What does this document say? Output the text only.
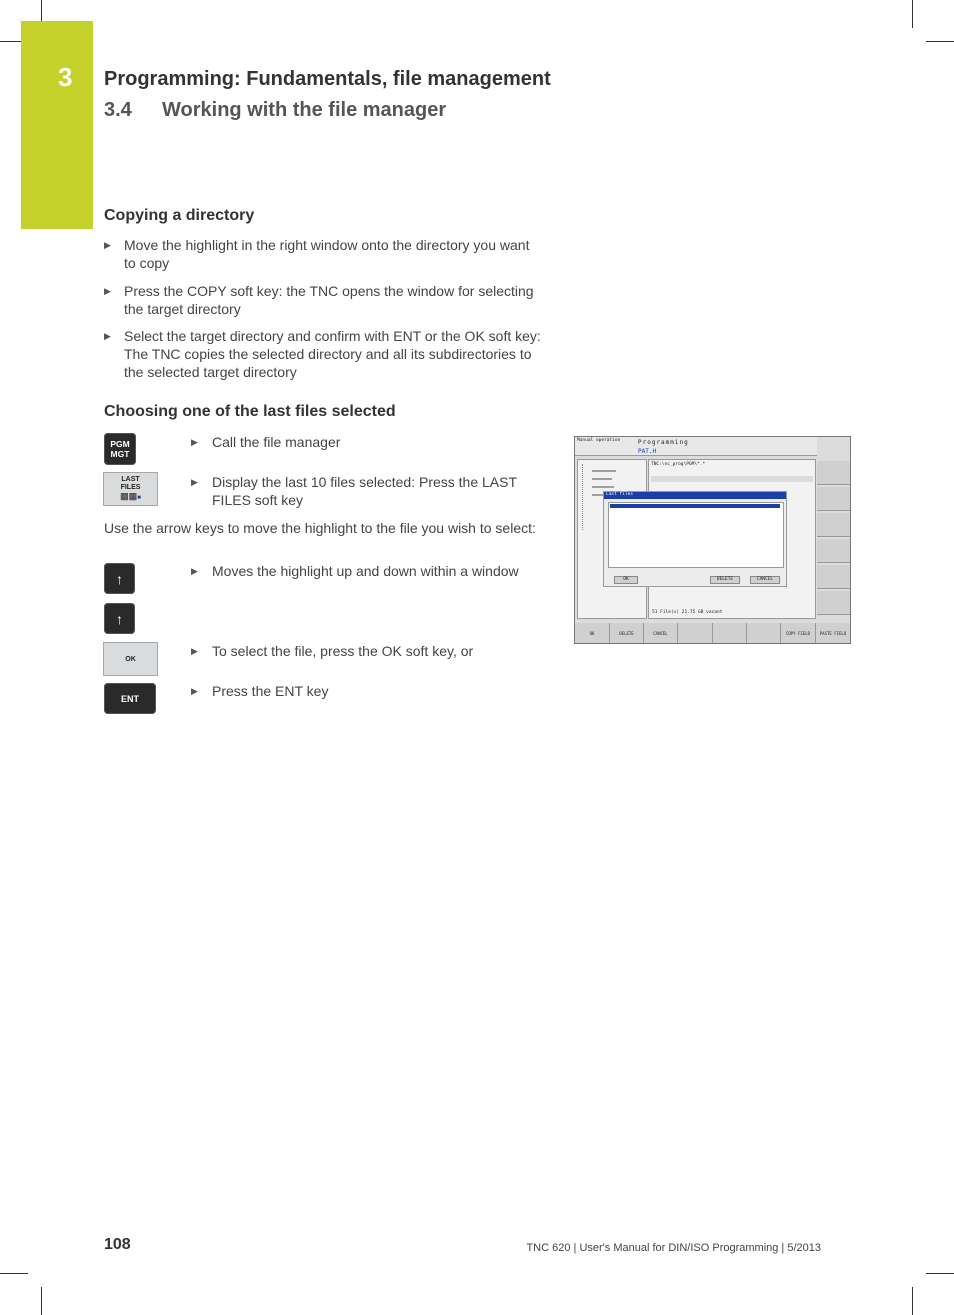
3 Programming: Fundamentals, file management
3.4 Working with the file manager
Copying a directory
▶ Move the highlight in the right window onto the directory you want to copy
▶ Press the COPY soft key: the TNC opens the window for selecting the target directory
▶ Select the target directory and confirm with ENT or the OK soft key: The TNC copies the selected directory and all its subdirectories to the selected target directory
Choosing one of the last files selected
PGM MGT
▶ Call the file manager
LAST FILES
▦▦■
▶ Display the last 10 files selected: Press the LAST FILES soft key
Use the arrow keys to move the highlight to the file you wish to select:
↑	▶ Moves the highlight up and down within a window
↑
OK
▶ To select the file, press the OK soft key, or
ENT
▶ Press the ENT key
Manual operation	Programming
PAT.H
TNC:\nc_prog\PGM\*.*
51 File(s) 21.75 GB vacant
Last files
OK	DELETE	CANCEL
OK	DELETE	CANCEL	COPY FIELD	PASTE FIELD
108	TNC 620 | User's Manual for DIN/ISO Programming | 5/2013
